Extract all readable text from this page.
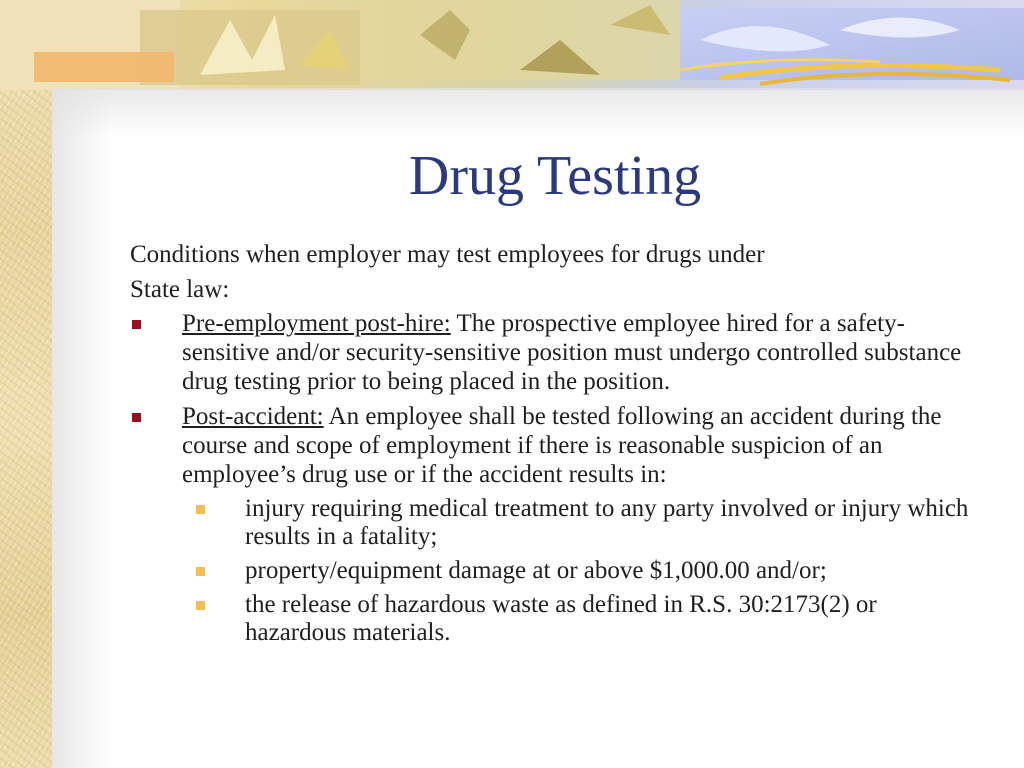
Drug Testing

Conditions when employer may test employees for drugs under

State law:

Pre-employment post-hire: The prospective employee hired for a safety-sensitive and/or security-sensitive position must undergo controlled substance drug testing prior to being placed in the position.
Post-accident: An employee shall be tested following an accident during the course and scope of employment if there is reasonable suspicion of an employee’s drug use or if the accident results in:
injury requiring medical treatment to any party involved or injury which results in a fatality;
property/equipment damage at or above $1,000.00 and/or;
the release of hazardous waste as defined in R.S. 30:2173(2) or hazardous materials.
